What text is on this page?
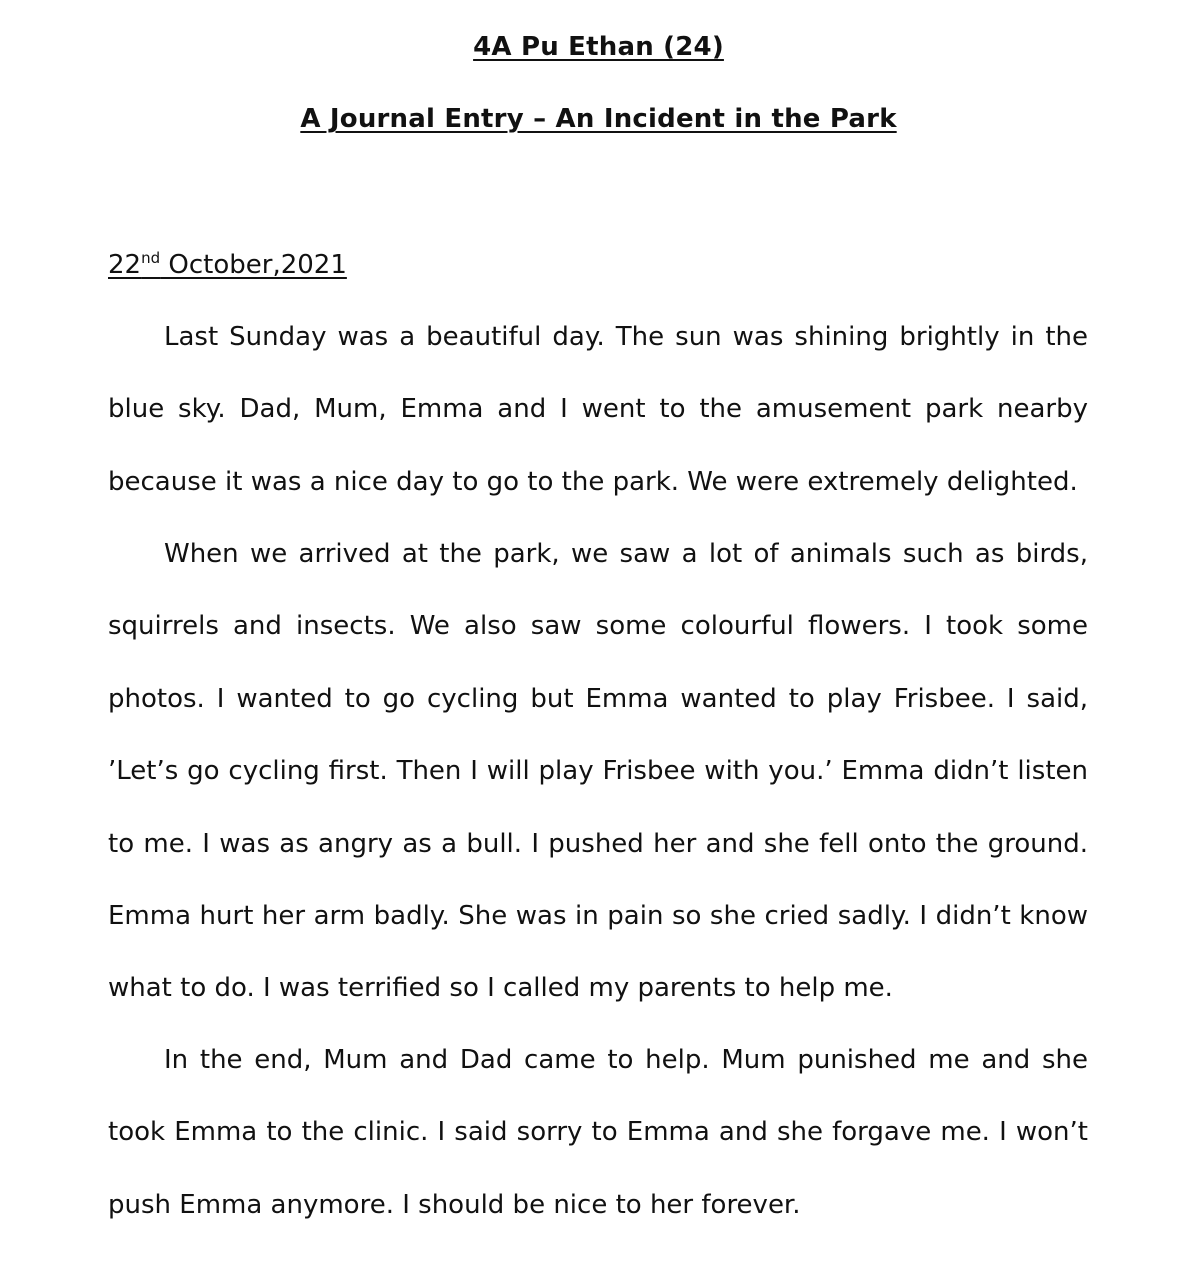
4A Pu Ethan (24)
A Journal Entry – An Incident in the Park
22nd October,2021

Last Sunday was a beautiful day. The sun was shining brightly in the blue sky. Dad, Mum, Emma and I went to the amusement park nearby because it was a nice day to go to the park. We were extremely delighted.

When we arrived at the park, we saw a lot of animals such as birds, squirrels and insects. We also saw some colourful flowers. I took some photos. I wanted to go cycling but Emma wanted to play Frisbee. I said, ’Let’s go cycling first. Then I will play Frisbee with you.’ Emma didn’t listen to me. I was as angry as a bull. I pushed her and she fell onto the ground. Emma hurt her arm badly. She was in pain so she cried sadly. I didn’t know what to do. I was terrified so I called my parents to help me.

In the end, Mum and Dad came to help. Mum punished me and she took Emma to the clinic. I said sorry to Emma and she forgave me. I won’t push Emma anymore. I should be nice to her forever.
